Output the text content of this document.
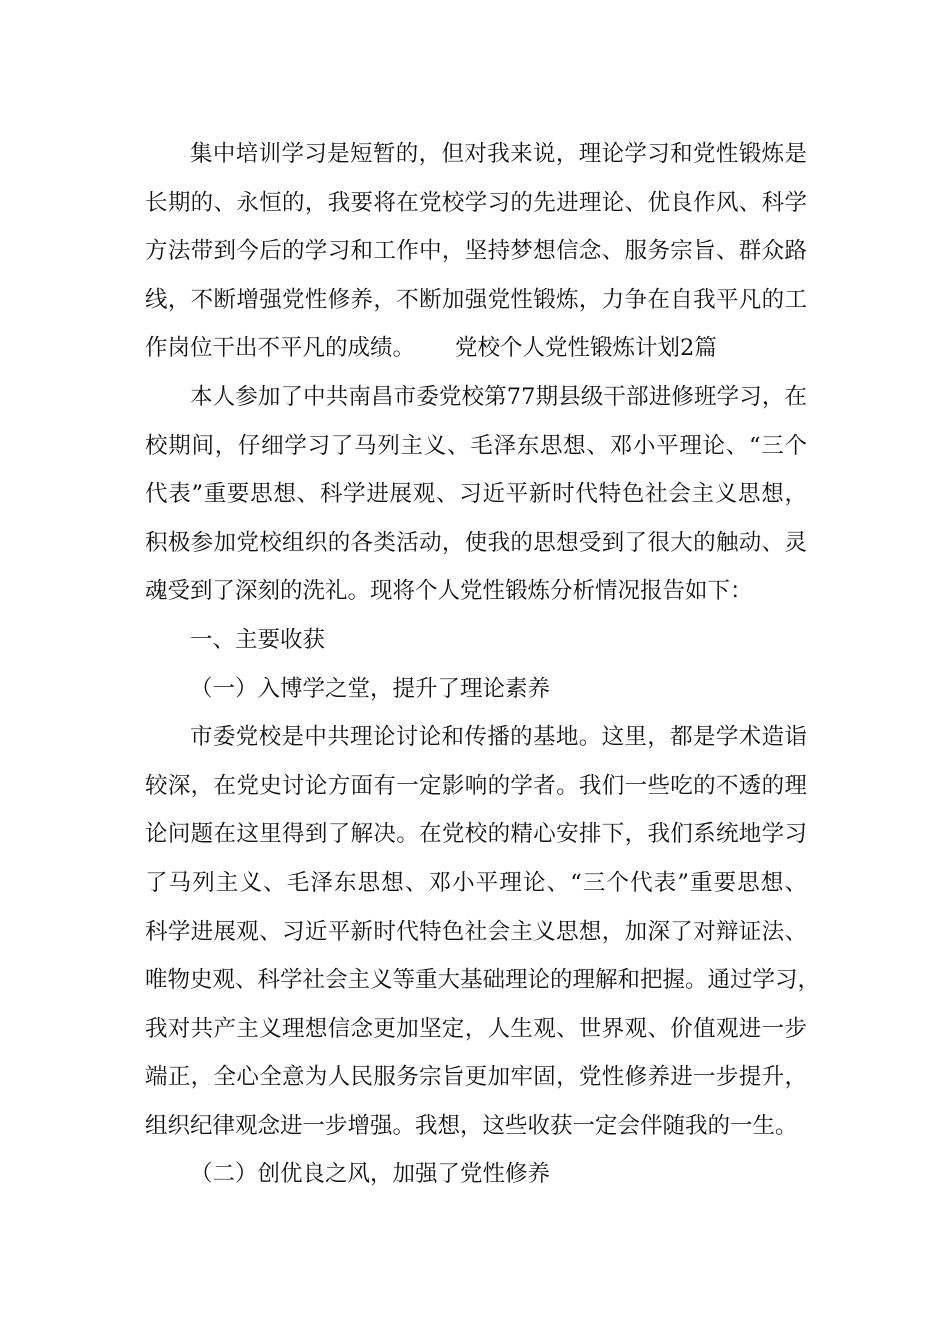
集中培训学习是短暂的，但对我来说，理论学习和党性锻炼是
长期的、永恒的，我要将在党校学习的先进理论、优良作风、科学
方法带到今后的学习和工作中，坚持梦想信念、服务宗旨、群众路
线，不断增强党性修养，不断加强党性锻炼，力争在自我平凡的工
作岗位干出不平凡的成绩。 党校个人党性锻炼计划2篇
本人参加了中共南昌市委党校第77期县级干部进修班学习，在
校期间，仔细学习了马列主义、毛泽东思想、邓小平理论、“三个
代表”重要思想、科学进展观、习近平新时代特色社会主义思想，
积极参加党校组织的各类活动，使我的思想受到了很大的触动、灵
魂受到了深刻的洗礼。现将个人党性锻炼分析情况报告如下：
一、主要收获
（一）入博学之堂，提升了理论素养
市委党校是中共理论讨论和传播的基地。这里，都是学术造诣
较深，在党史讨论方面有一定影响的学者。我们一些吃的不透的理
论问题在这里得到了解决。在党校的精心安排下，我们系统地学习
了马列主义、毛泽东思想、邓小平理论、“三个代表”重要思想、
科学进展观、习近平新时代特色社会主义思想，加深了对辩证法、
唯物史观、科学社会主义等重大基础理论的理解和把握。通过学习，
我对共产主义理想信念更加坚定，人生观、世界观、价值观进一步
端正，全心全意为人民服务宗旨更加牢固，党性修养进一步提升，
组织纪律观念进一步增强。我想，这些收获一定会伴随我的一生。
（二）创优良之风，加强了党性修养
